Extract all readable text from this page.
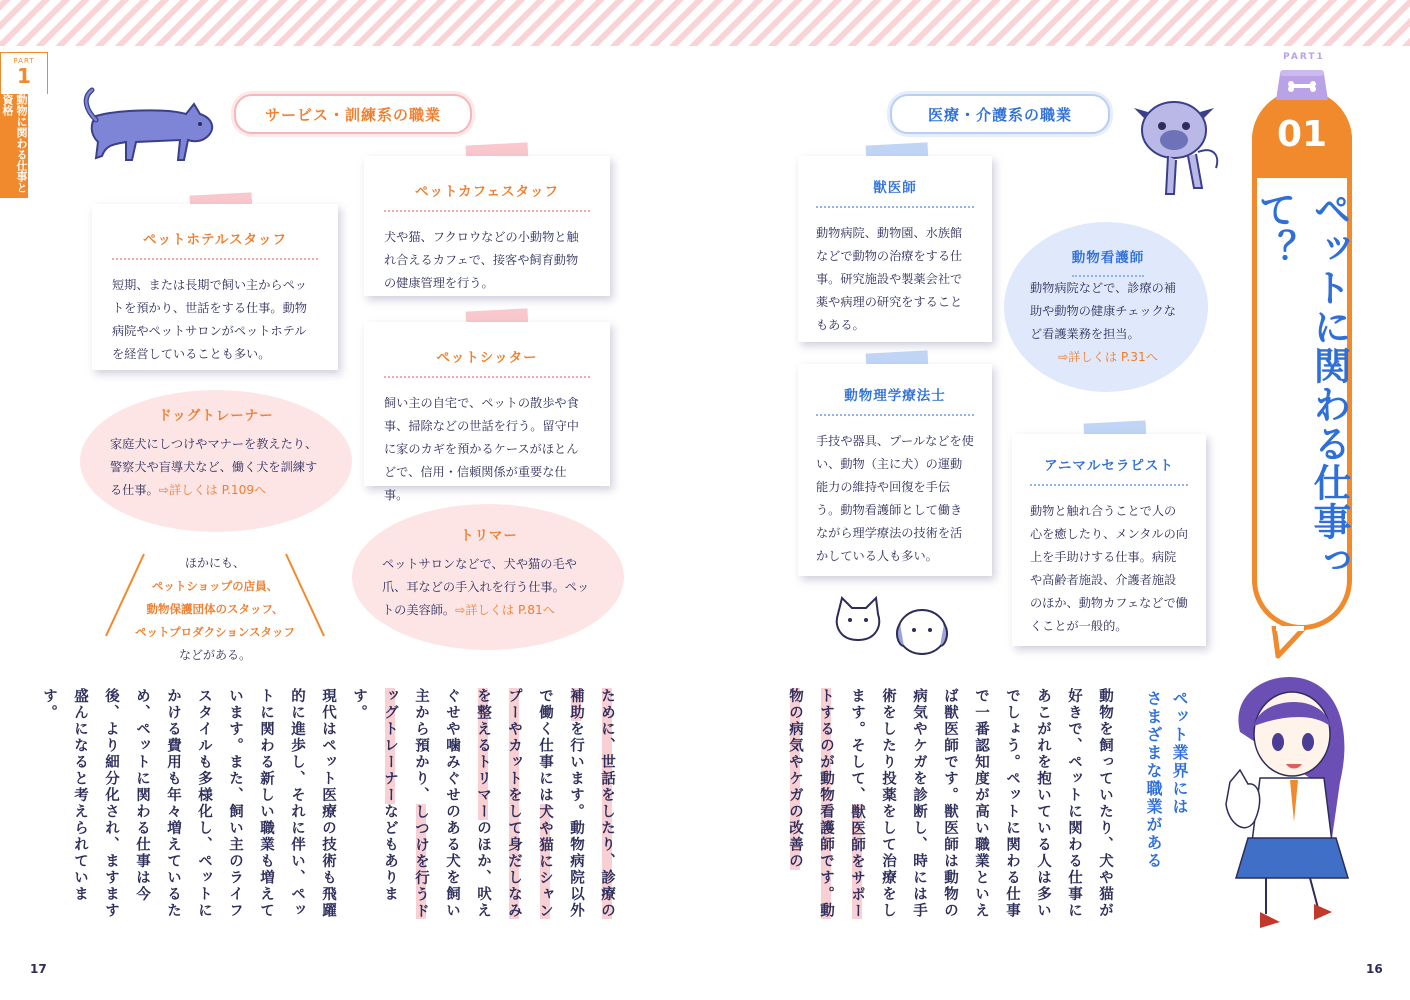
PART
1
動物に関わる仕事と資格	サービス・訓練系の職業
ペットホテルスタッフ

短期、または長期で飼い主からペットを預かり、世話をする仕事。動物病院やペットサロンがペットホテルを経営していることも多い。

ペットカフェスタッフ

犬や猫、フクロウなどの小動物と触れ合えるカフェで、接客や飼育動物の健康管理を行う。

ペットシッター

飼い主の自宅で、ペットの散歩や食事、掃除などの世話を行う。留守中に家のカギを預かるケースがほとんどで、信用・信頼関係が重要な仕事。

ドッグトレーナー

家庭犬にしつけやマナーを教えたり、警察犬や盲導犬など、働く犬を訓練する仕事。⇨詳しくは P.109へ

トリマー

ペットサロンなどで、犬や猫の毛や爪、耳などの手入れを行う仕事。ペットの美容師。⇨詳しくは P.81へ

ほかにも、
ペットショップの店員、
動物保護団体のスタッフ、
ペットプロダクションスタッフ
などがある。
ために、世話をしたり、診療の補助を行います。動物病院以外で働く仕事には犬や猫にシャンプーやカットをして身だしなみを整えるトリマーのほか、吠えぐせや噛みぐせのある犬を飼い主から預かり、しつけを行うドッグトレーナーなどもあります。
現代はペット医療の技術も飛躍的に進歩し、それに伴い、ペットに関わる新しい職業も増えています。また、飼い主のライフスタイルも多様化し、ペットにかける費用も年々増えているため、ペットに関わる仕事は今後、より細分化され、ますます盛んになると考えられています。
医療・介護系の職業
獣医師

動物病院、動物園、水族館などで動物の治療をする仕事。研究施設や製薬会社で薬や病理の研究をすることもある。

動物看護師

動物病院などで、診療の補助や動物の健康チェックなど看護業務を担当。

⇨詳しくは P.31へ

動物理学療法士

手技や器具、プールなどを使い、動物（主に犬）の運動能力の維持や回復を手伝う。動物看護師として働きながら理学療法の技術を活かしている人も多い。

アニマルセラピスト

動物と触れ合うことで人の心を癒したり、メンタルの向上を手助けする仕事。病院や高齢者施設、介護者施設のほか、動物カフェなどで働くことが一般的。

ペット業界には
さまざまな職業がある
動物を飼っていたり、犬や猫が好きで、ペットに関わる仕事にあこがれを抱いている人は多いでしょう。ペットに関わる仕事で一番認知度が高い職業といえば獣医師です。獣医師は動物の病気やケガを診断し、時には手術をしたり投薬をして治療をします。そして、獣医師をサポートするのが動物看護師です。動物の病気やケガの改善の
01
ペットに関わる仕事って？
PART1
17	16
